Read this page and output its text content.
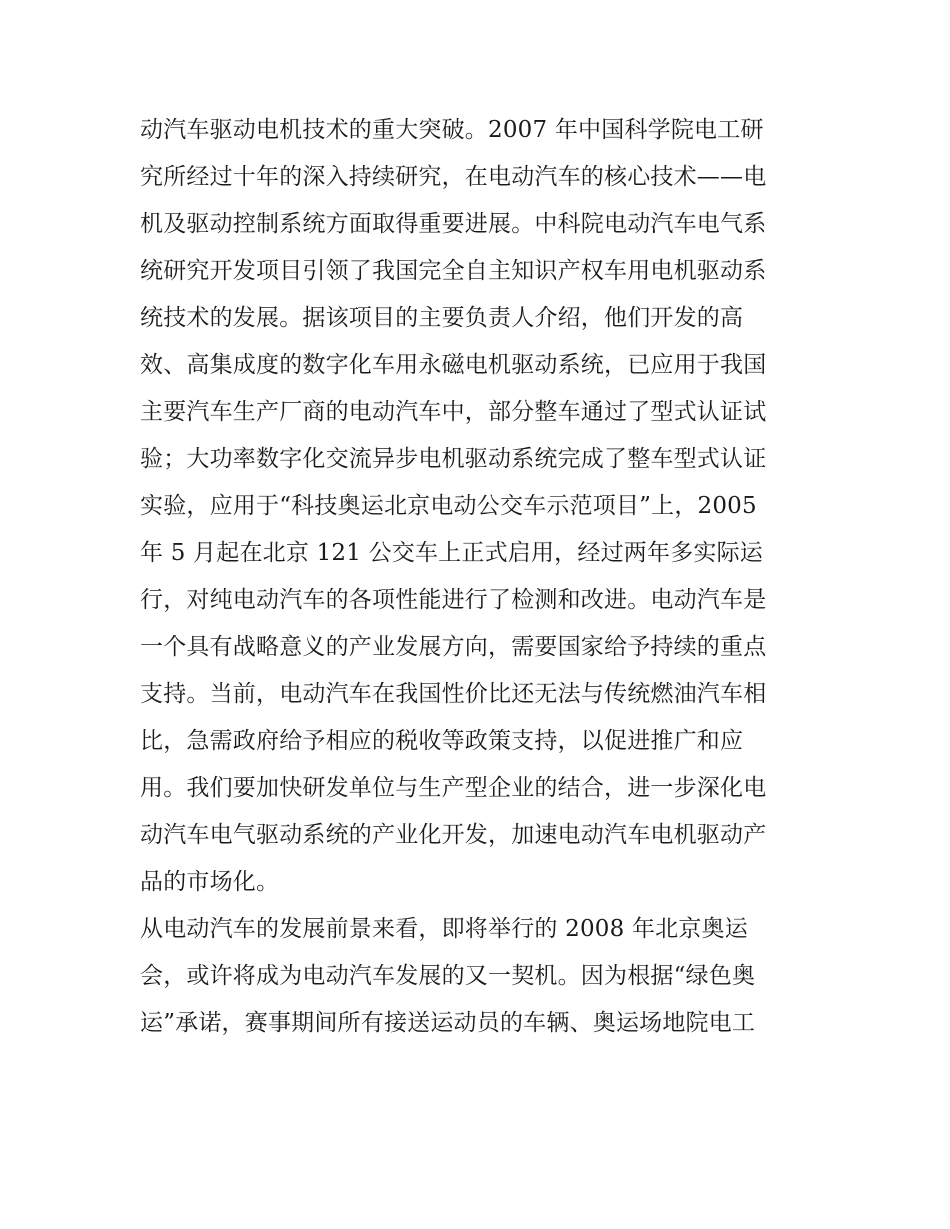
动汽车驱动电机技术的重大突破。2007 年中国科学院电工研
究所经过十年的深入持续研究，在电动汽车的核心技术——电
机及驱动控制系统方面取得重要进展。中科院电动汽车电气系
统研究开发项目引领了我国完全自主知识产权车用电机驱动系
统技术的发展。据该项目的主要负责人介绍，他们开发的高
效、高集成度的数字化车用永磁电机驱动系统，已应用于我国
主要汽车生产厂商的电动汽车中，部分整车通过了型式认证试
验；大功率数字化交流异步电机驱动系统完成了整车型式认证
实验，应用于“科技奥运北京电动公交车示范项目”上，2005
年 5 月起在北京 121 公交车上正式启用，经过两年多实际运
行，对纯电动汽车的各项性能进行了检测和改进。电动汽车是
一个具有战略意义的产业发展方向，需要国家给予持续的重点
支持。当前，电动汽车在我国性价比还无法与传统燃油汽车相
比，急需政府给予相应的税收等政策支持，以促进推广和应
用。我们要加快研发单位与生产型企业的结合，进一步深化电
动汽车电气驱动系统的产业化开发，加速电动汽车电机驱动产
品的市场化。
从电动汽车的发展前景来看，即将举行的 2008 年北京奥运
会，或许将成为电动汽车发展的又一契机。因为根据“绿色奥
运”承诺，赛事期间所有接送运动员的车辆、奥运场地院电工
